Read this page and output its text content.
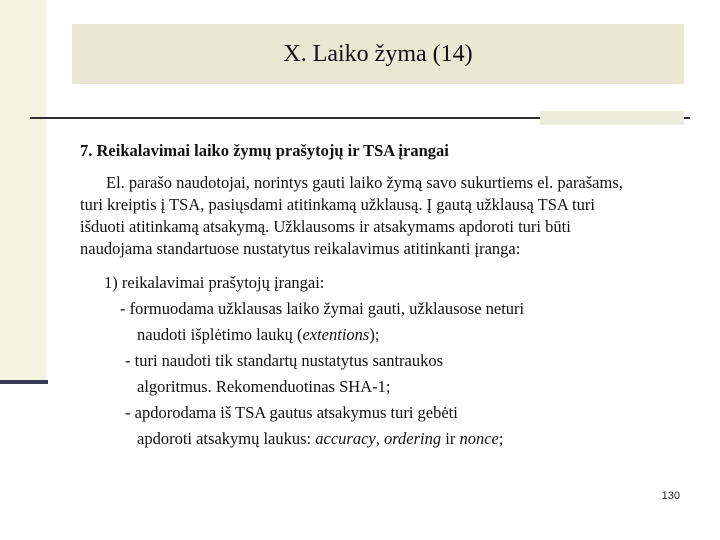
X. Laiko žyma (14)

7. Reikalavimai laiko žymų prašytojų ir TSA įrangai

El. parašo naudotojai, norintys gauti laiko žymą savo sukurtiems el. parašams,
turi kreiptis į TSA, pasiųsdami atitinkamą užklausą. Į gautą užklausą TSA turi
išduoti atitinkamą atsakymą. Užklausoms ir atsakymams apdoroti turi būti
naudojama standartuose nustatytus reikalavimus atitinkanti įranga:

1) reikalavimai prašytojų įrangai:

- formuodama užklausas laiko žymai gauti, užklausose neturi
naudoti išplėtimo laukų (extentions);
- turi naudoti tik standartų nustatytus santraukos
algoritmus. Rekomenduotinas SHA-1;
- apdorodama iš TSA gautus atsakymus turi gebėti
apdoroti atsakymų laukus: accuracy, ordering ir nonce;
130
